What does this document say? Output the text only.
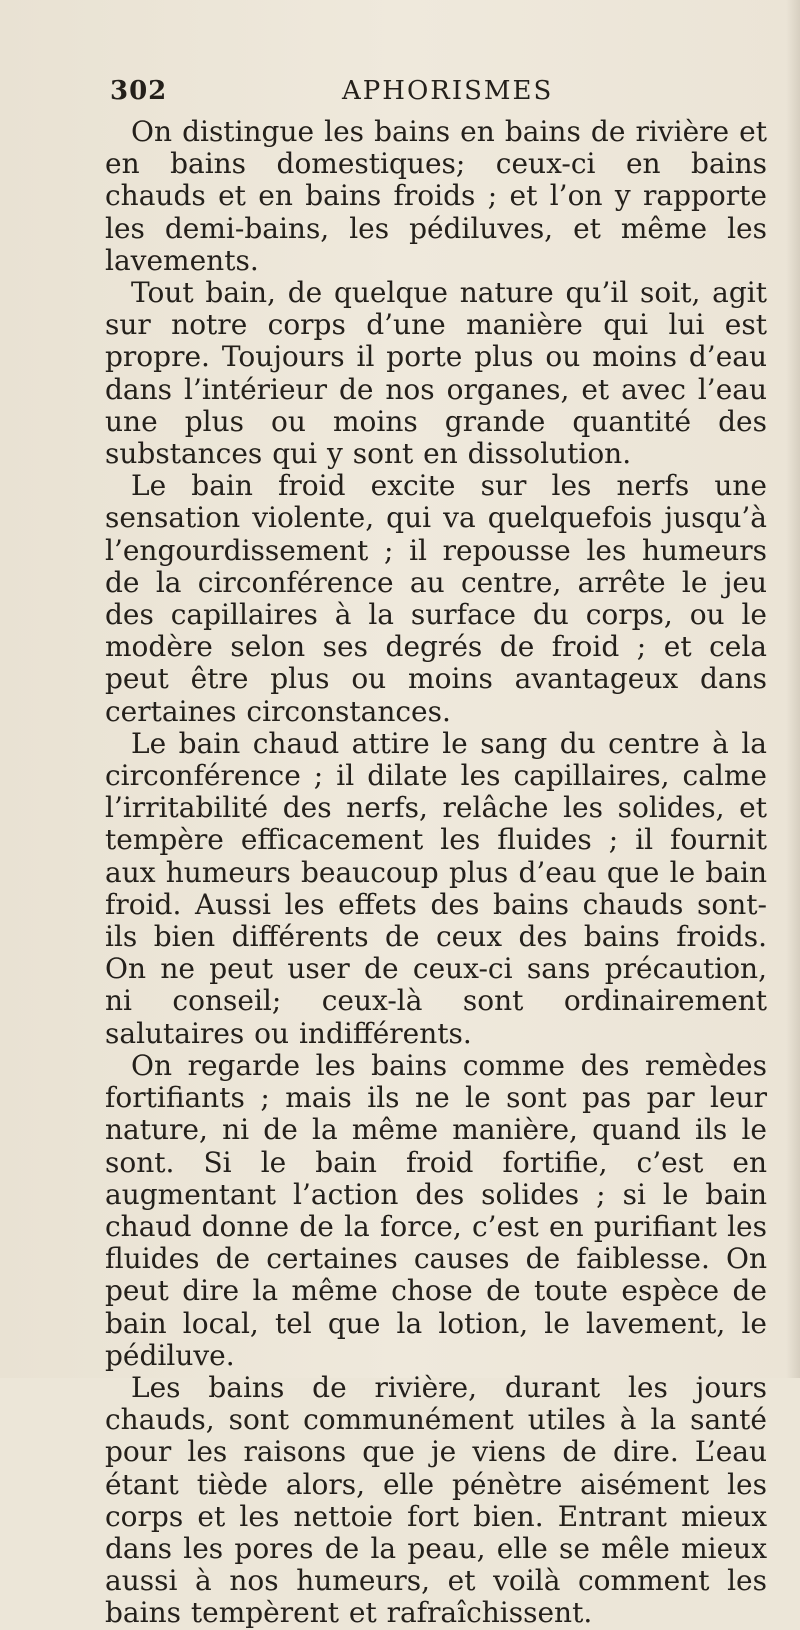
302	APHORISMES

On distingue les bains en bains de rivière et en bains domestiques; ceux-ci en bains chauds et en bains froids ; et l’on y rapporte les demi-bains, les pédiluves, et même les lavements.

Tout bain, de quelque nature qu’il soit, agit sur notre corps d’une manière qui lui est propre. Toujours il porte plus ou moins d’eau dans l’intérieur de nos organes, et avec l’eau une plus ou moins grande quantité des substances qui y sont en dissolution.

Le bain froid excite sur les nerfs une sensation violente, qui va quelquefois jusqu’à l’engourdissement ; il repousse les humeurs de la circonférence au centre, arrête le jeu des capillaires à la surface du corps, ou le modère selon ses degrés de froid ; et cela peut être plus ou moins avantageux dans certaines circonstances.

Le bain chaud attire le sang du centre à la circonférence ; il dilate les capillaires, calme l’irritabilité des nerfs, relâche les solides, et tempère efficacement les fluides ; il fournit aux humeurs beaucoup plus d’eau que le bain froid. Aussi les effets des bains chauds sont-ils bien différents de ceux des bains froids. On ne peut user de ceux-ci sans précaution, ni conseil; ceux-là sont ordinairement salutaires ou indifférents.

On regarde les bains comme des remèdes fortifiants ; mais ils ne le sont pas par leur nature, ni de la même manière, quand ils le sont. Si le bain froid fortifie, c’est en augmentant l’action des solides ; si le bain chaud donne de la force, c’est en purifiant les fluides de certaines causes de faiblesse. On peut dire la même chose de toute espèce de bain local, tel que la lotion, le lavement, le pédiluve.

Les bains de rivière, durant les jours chauds, sont communément utiles à la santé pour les raisons que je viens de dire. L’eau étant tiède alors, elle pénètre aisément les corps et les nettoie fort bien. Entrant mieux dans les pores de la peau, elle se mêle mieux aussi à nos humeurs, et voilà comment les bains tempèrent et rafraîchissent.
